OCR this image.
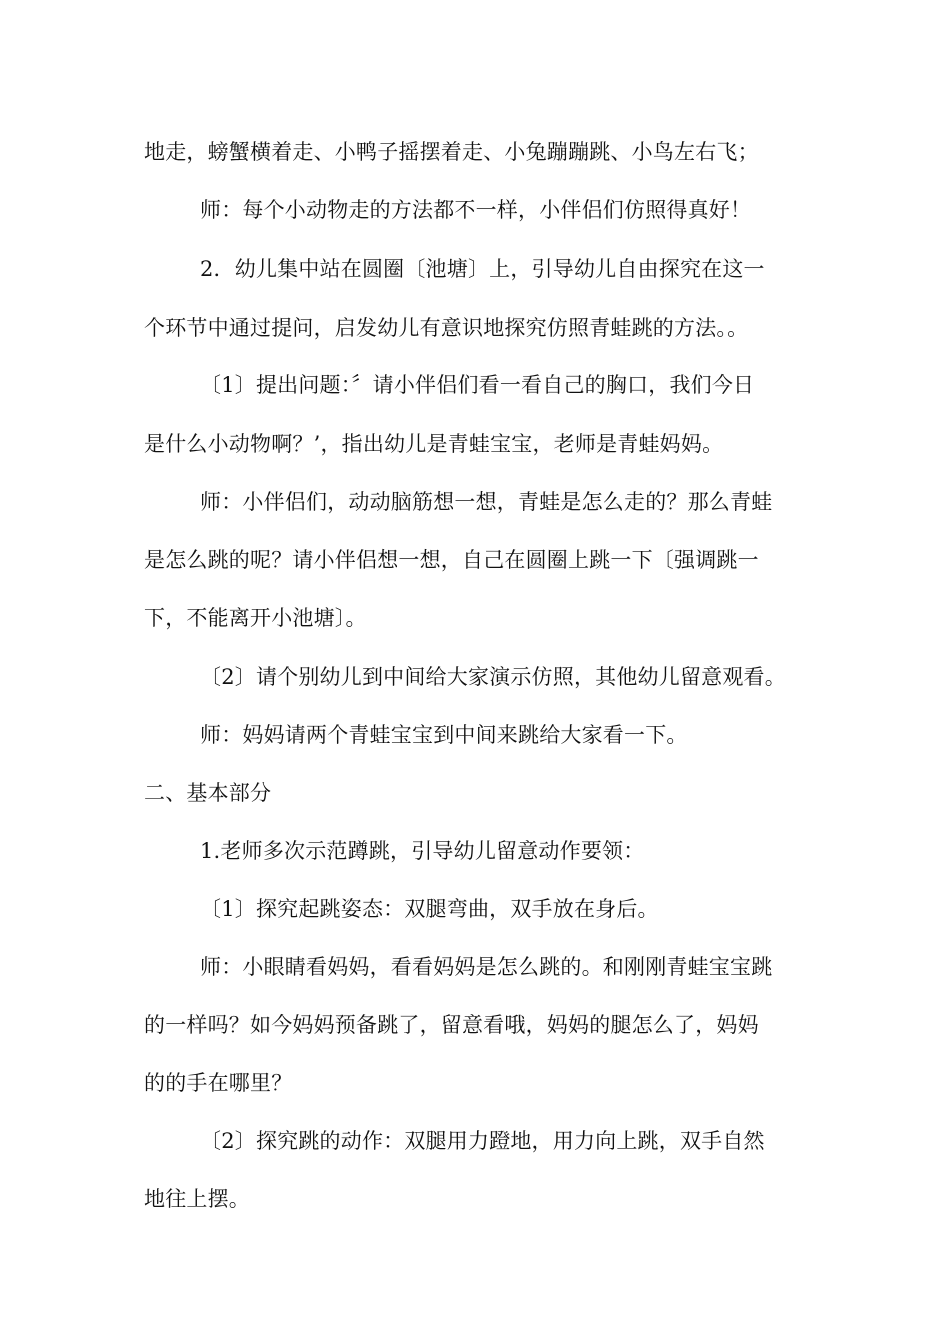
地走，螃蟹横着走、小鸭子摇摆着走、小兔蹦蹦跳、小鸟左右飞；
师：每个小动物走的方法都不一样，小伴侣们仿照得真好！
2．幼儿集中站在圆圈〔池塘〕上，引导幼儿自由探究在这一
个环节中通过提问，启发幼儿有意识地探究仿照青蛙跳的方法。。
〔1〕提出问题：〞请小伴侣们看一看自己的胸口，我们今日
是什么小动物啊？’，指出幼儿是青蛙宝宝，老师是青蛙妈妈。
师：小伴侣们，动动脑筋想一想，青蛙是怎么走的？那么青蛙
是怎么跳的呢？请小伴侣想一想，自己在圆圈上跳一下〔强调跳一
下，不能离开小池塘〕。
〔2〕请个别幼儿到中间给大家演示仿照，其他幼儿留意观看。
师：妈妈请两个青蛙宝宝到中间来跳给大家看一下。
二、基本部分
1.老师多次示范蹲跳，引导幼儿留意动作要领：
〔1〕探究起跳姿态：双腿弯曲，双手放在身后。
师：小眼睛看妈妈，看看妈妈是怎么跳的。和刚刚青蛙宝宝跳
的一样吗？如今妈妈预备跳了，留意看哦，妈妈的腿怎么了，妈妈
的的手在哪里？
〔2〕探究跳的动作：双腿用力蹬地，用力向上跳，双手自然
地往上摆。
